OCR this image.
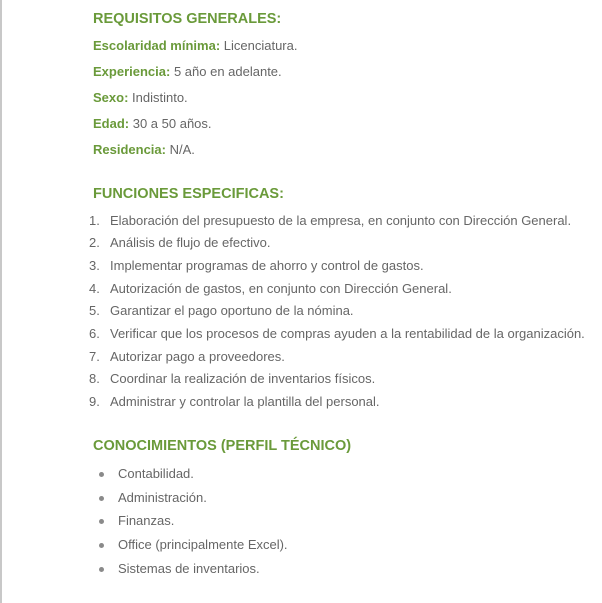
REQUISITOS GENERALES:
Escolaridad mínima: Licenciatura.
Experiencia: 5 año en adelante.
Sexo: Indistinto.
Edad: 30 a 50 años.
Residencia: N/A.
FUNCIONES ESPECIFICAS:
1. Elaboración del presupuesto de la empresa, en conjunto con Dirección General.
2. Análisis de flujo de efectivo.
3. Implementar programas de ahorro y control de gastos.
4. Autorización de gastos, en conjunto con Dirección General.
5. Garantizar el pago oportuno de la nómina.
6. Verificar que los procesos de compras ayuden a la rentabilidad de la organización.
7. Autorizar pago a proveedores.
8. Coordinar la realización de inventarios físicos.
9. Administrar y controlar la plantilla del personal.
CONOCIMIENTOS (PERFIL TÉCNICO)
Contabilidad.
Administración.
Finanzas.
Office (principalmente Excel).
Sistemas de inventarios.
